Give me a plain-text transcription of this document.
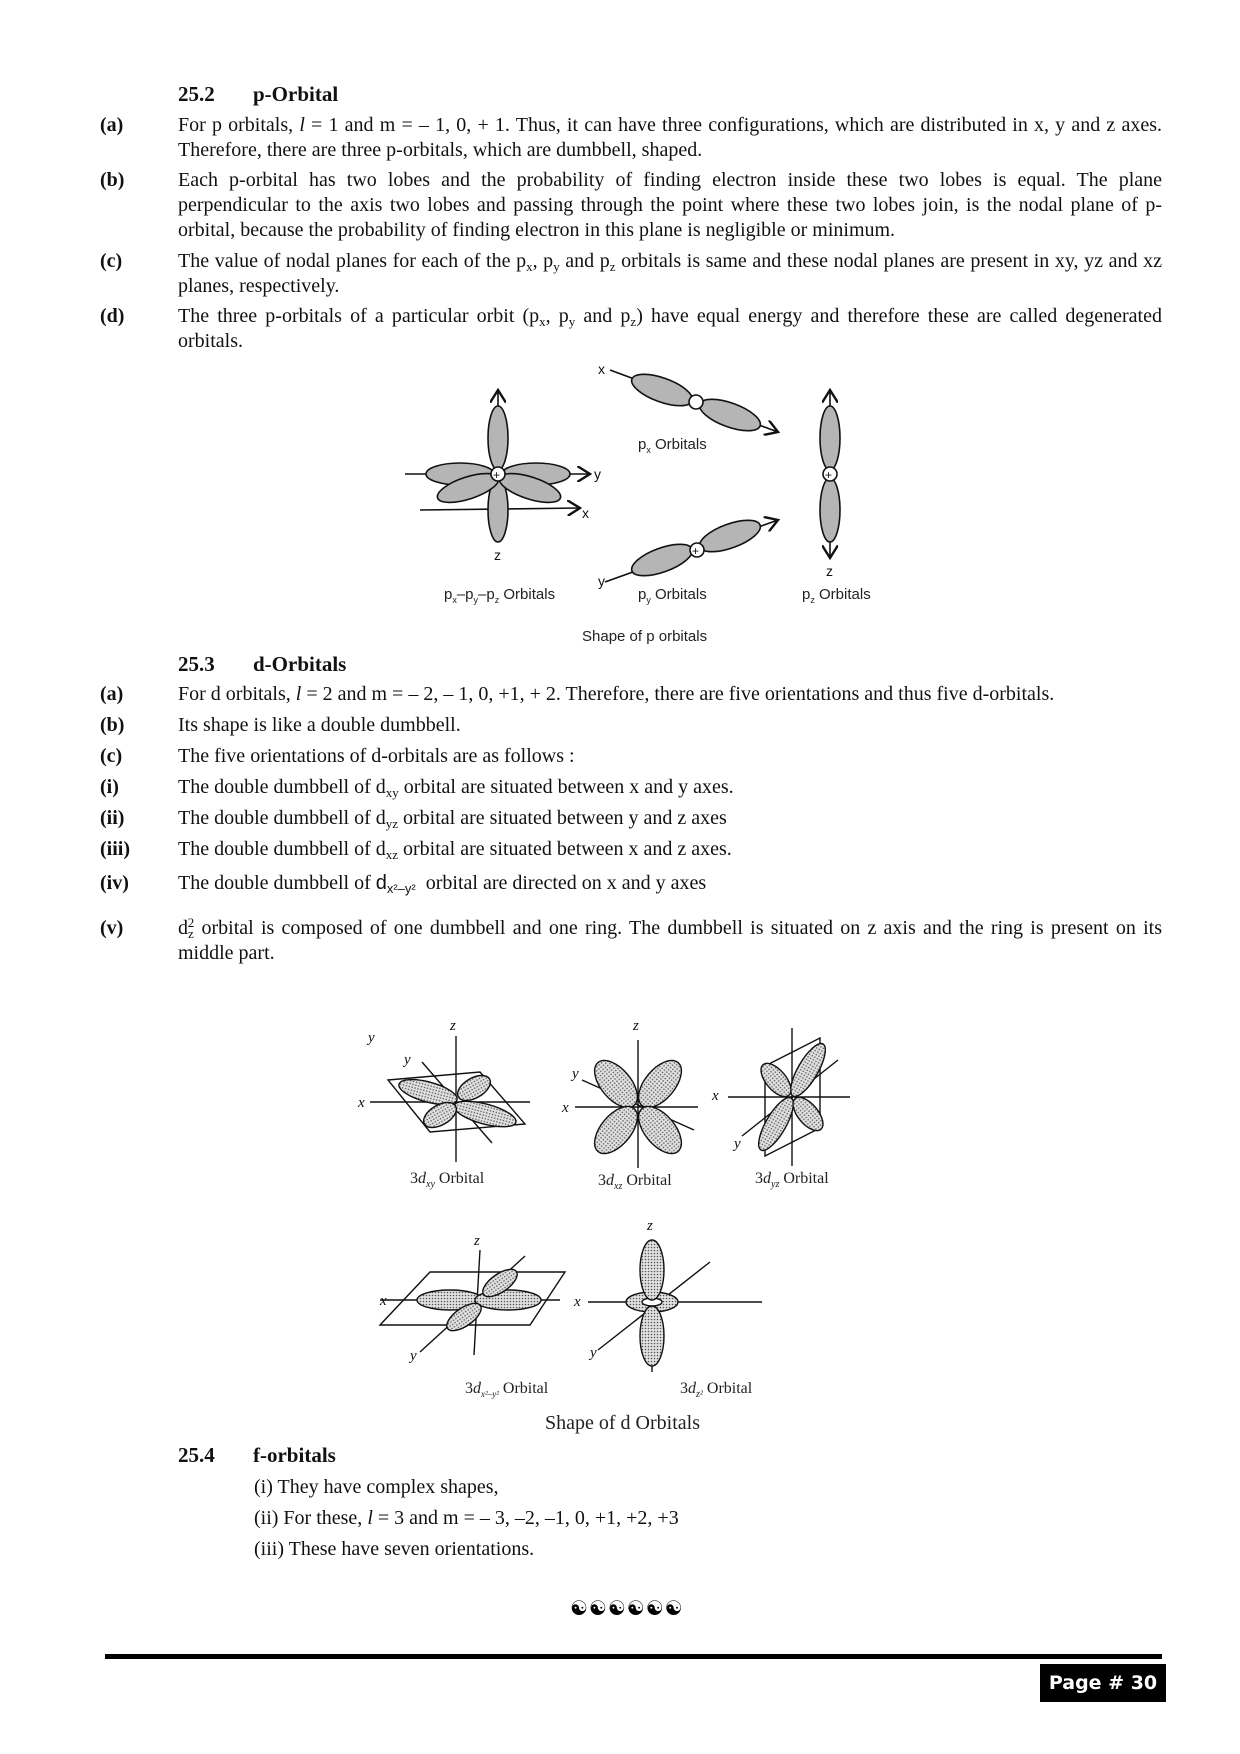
25.2 p-Orbital
(a)	For p orbitals, l = 1 and m = – 1, 0, + 1. Thus, it can have three configurations, which are distributed in x, y and z axes. Therefore, there are three p-orbitals, which are dumbbell, shaped.
(b)	Each p-orbital has two lobes and the probability of finding electron inside these two lobes is equal. The plane perpendicular to the axis two lobes and passing through the point where these two lobes join, is the nodal plane of p-orbital, because the probability of finding electron in this plane is negligible or minimum.
(c)	The value of nodal planes for each of the $p_x$, $p_y$ and $p_z$ orbitals is same and these nodal planes are present in xy, yz and xz planes, respectively.
(d)	The three p-orbitals of a particular orbit ($p_x$, $p_y$ and $p_z$) have equal energy and therefore these are called degenerated orbitals.
+
+
+
y
x
z
x
y
z
$p_x$ Orbitals
$p_x-p_y-p_z$ Orbitals	$p_y$ Orbitals	$p_z$ Orbitals
Shape of p orbitals
25.3 d-Orbitals
(a)	For d orbitals, l = 2 and m = – 2, – 1, 0, +1, + 2. Therefore, there are five orientations and thus five d-orbitals.
(b)	Its shape is like a double dumbbell.
(c)	The five orientations of d-orbitals are as follows :
(i)	The double dumbbell of $d_{xy}$ orbital are situated between x and y axes.
(ii)	The double dumbbell of $d_{yz}$ orbital are situated between y and z axes
(iii) The double dumbbell of $d_{xz}$ orbital are situated between x and z axes.
(iv) The double dumbbell of $d_{x^2-y^2}$  orbital are directed on x and y axes
(v)	$d_z^2$ orbital is composed of one dumbbell and one ring. The dumbbell is situated on z axis and the ring is present on its middle part.
x
y
y
z
x
y
z
x
y
x
z
y
x
z
y
$3d_{xy}$ Orbital	$3d_{xz}$ Orbital	$3d_{yz}$ Orbital
$3d_{x^2-y^2}$ Orbital	$3d_{z^2}$ Orbital
Shape of d Orbitals
25.4 f-orbitals
(i) They have complex shapes,
(ii) For these, l = 3 and m = – 3, –2, –1, 0, +1, +2, +3
(iii) These have seven orientations.
☯☯☯☯☯☯
Page # 30
